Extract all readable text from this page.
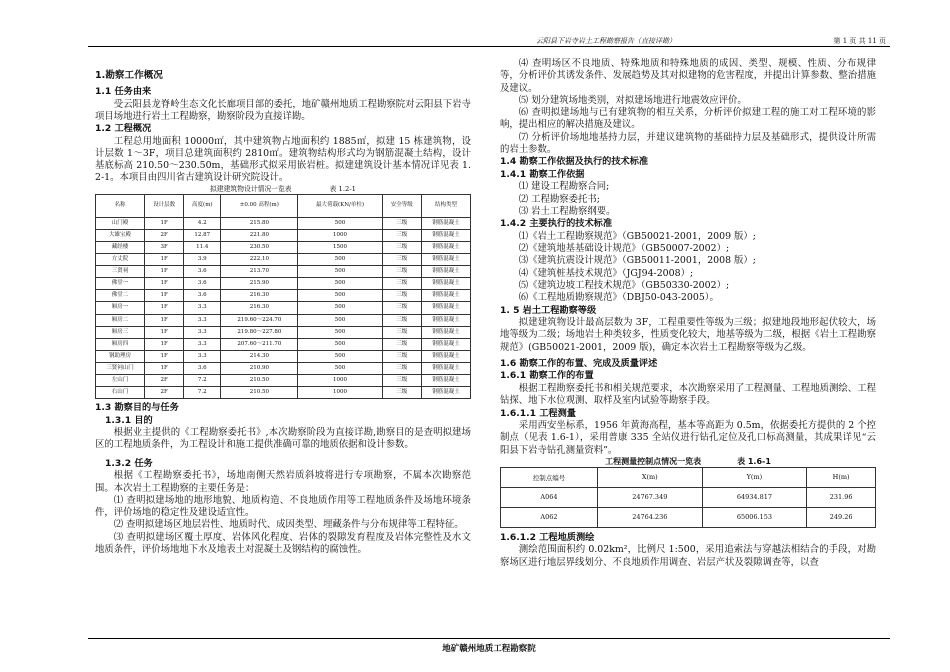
云阳县下岩寺岩土工程勘察报告（直接详勘）	第 1 页 共 11 页
1.勘察工作概况
1.1 任务由来
受云阳县龙脊岭生态文化长廊项目部的委托，地矿赣州地质工程勘察院对云阳县下岩寺项目场地进行岩土工程勘察，勘察阶段为直接详勘。
1.2 工程概况
工程总用地面积 10000㎡，其中建筑物占地面积约 1885㎡，拟建 15 栋建筑物，设计层数 1～3F，项目总建筑面积约 2810㎡。建筑物结构形式均为钢筋混凝土结构，设计基底标高 210.50～230.50m，基础形式拟采用嵌岩桩。拟建建筑设计基本情况详见表 1.2-1。本项目由四川省古建筑设计研究院设计。
拟建建筑物设计情况一览表	表 1.2-1
名称	设计层数	高度(m)	±0.00 高程(m)	最大荷载(KN/单柱)	安全等级	结构类型
山门殿	1F	4.2	215.80	500	三级	钢筋混凝土
大雄宝殿	2F	12.87	221.80	1000	三级	钢筋混凝土
藏经楼	3F	11.4	230.50	1500	三级	钢筋混凝土
方丈院	1F	3.9	222.10	500	三级	钢筋混凝土
三贤祠	1F	3.6	213.70	500	三级	钢筋混凝土
佛堂一	1F	3.6	215.90	500	三级	钢筋混凝土
佛堂二	1F	3.6	216.30	500	三级	钢筋混凝土
厢房一	1F	3.3	216.30	500	三级	钢筋混凝土
厢房二	1F	3.3	219.60～224.70	500	三级	钢筋混凝土
厢房三	1F	3.3	219.80～227.80	500	三级	钢筋混凝土
厢房四	1F	3.3	207.60～211.70	500	三级	钢筋混凝土
钢助理房	1F	3.3	214.30	500	三级	钢筋混凝土
三贤祠山门	1F	3.6	210.90	500	三级	钢筋混凝土
左山门	2F	7.2	210.50	1000	三级	钢筋混凝土
右山门	2F	7.2	210.50	1000	三级	钢筋混凝土
1.3 勘察目的与任务
1.3.1 目的
根据业主提供的《工程勘察委托书》,本次勘察阶段为直接详勘,勘察目的是查明拟建场区的工程地质条件，为工程设计和施工提供准确可靠的地质依据和设计参数。
1.3.2 任务
根据《工程勘察委托书》，场地南侧天然岩质斜坡将进行专项勘察，不属本次勘察范围。本次岩土工程勘察的主要任务是：
⑴ 查明拟建场地的地形地貌、地质构造、不良地质作用等工程地质条件及场地环境条件，评价场地的稳定性及建设适宜性。
⑵ 查明拟建场区地层岩性、地质时代、成因类型、埋藏条件与分布规律等工程特征。
⑶ 查明拟建场区覆土厚度、岩体风化程度、岩体的裂隙发育程度及岩体完整性及水文地质条件，评价场地地下水及地表土对混凝土及钢结构的腐蚀性。
⑷ 查明场区不良地质、特殊地质和特殊地质的成因、类型、规模、性质、分布规律等，分析评价其诱发条件、发展趋势及其对拟建物的危害程度，并提出计算参数、整治措施及建议。
⑸ 划分建筑场地类别，对拟建场地进行地震效应评价。
⑹ 查明拟建场地与已有建筑物的相互关系，分析评价拟建工程的施工对工程环境的影响，提出相应的解决措施及建议。
⑺ 分析评价场地地基持力层，并建议建筑物的基础持力层及基础形式，提供设计所需的岩土参数。
1.4 勘察工作依据及执行的技术标准
1.4.1 勘察工作依据
⑴ 建设工程勘察合同;
⑵ 工程勘察委托书;
⑶ 岩土工程勘察纲要。
1.4.2 主要执行的技术标准
⑴《岩土工程勘察规范》（GB50021-2001，2009 版）;
⑵《建筑地基基础设计规范》（GB50007-2002）;
⑶《建筑抗震设计规范》（GB50011-2001，2008 版）;
⑷《建筑桩基技术规范》（JGJ94-2008）;
⑸《建筑边坡工程技术规范》（GB50330-2002）;
⑹《工程地质勘察规范》（DBJ50-043-2005）。
1. 5 岩土工程勘察等级
拟建建筑物设计最高层数为 3F，工程重要性等级为三级；拟建地段地形起伏较大，场地等级为二级；场地岩土种类较多，性质变化较大，地基等级为二级，根据《岩土工程勘察规范》(GB50021-2001，2009 版)，确定本次岩土工程勘察等级为乙级。
1.6 勘察工作的布置、完成及质量评述
1.6.1 勘察工作的布置
根据工程勘察委托书和相关规范要求，本次勘察采用了工程测量、工程地质测绘、工程钻探、地下水位观测、取样及室内试验等勘察手段。
1.6.1.1 工程测量
采用西安坐标系，1956 年黄海高程，基本等高距为 0.5m，依据委托方提供的 2 个控制点（见表 1.6-1），采用普康 335 全站仪进行钻孔定位及孔口标高测量，其成果详见“云阳县下岩寺钻孔测量资料”。
工程测量控制点情况一览表	表 1.6-1
控制点编号	X(m)	Y(m)	H(m)
A064	24767.349	64934.817	231.96
A062	24764.236	65006.153	249.26
1.6.1.2 工程地质测绘
测绘范围面积约 0.02km²，比例尺 1:500，采用追索法与穿越法相结合的手段，对勘察场区进行地层界线划分、不良地质作用调查、岩层产状及裂隙调查等，以查
地矿赣州地质工程勘察院
